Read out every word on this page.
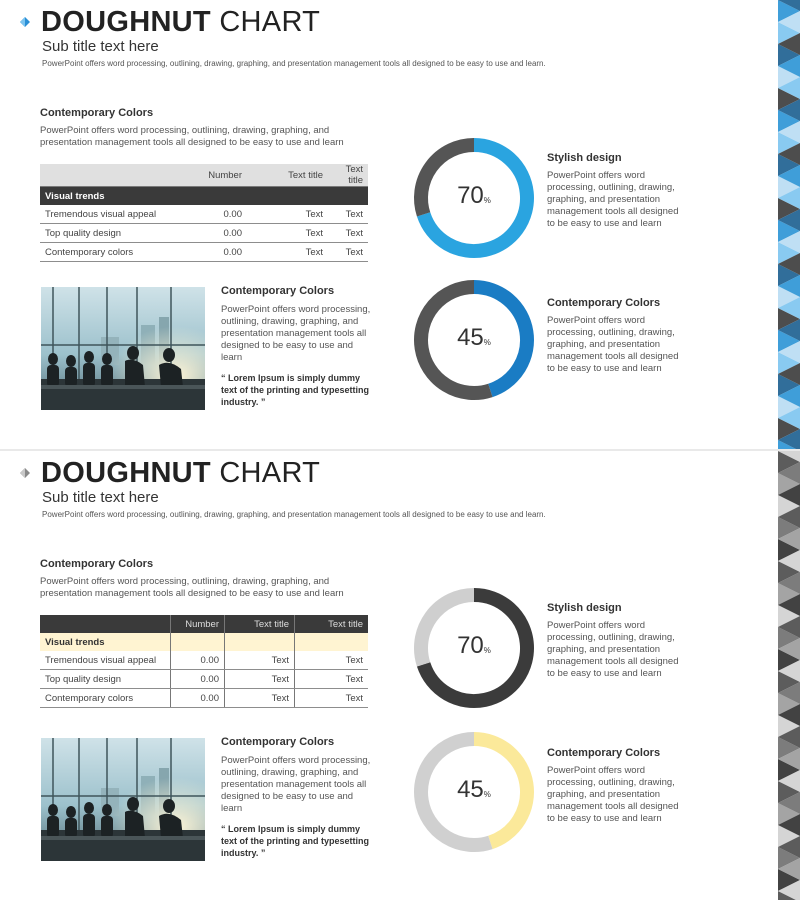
DOUGHNUT CHART
Sub title text here
PowerPoint offers word processing, outlining, drawing, graphing, and presentation management tools all designed to be easy to use and learn.
Contemporary Colors
PowerPoint offers word processing, outlining, drawing, graphing, and presentation management tools all designed to be easy to use and learn
	Number	Text title	Text title
Visual trends			
Tremendous visual appeal	0.00	Text	Text
Top quality design	0.00	Text	Text
Contemporary colors	0.00	Text	Text
Contemporary Colors
PowerPoint offers word processing, outlining, drawing, graphing, and presentation management tools all designed to be easy to use and learn
“ Lorem Ipsum is simply dummy text of the printing and typesetting industry. ”
70%
Stylish design
PowerPoint offers word processing, outlining, drawing, graphing, and presentation management tools all designed to be easy to use and learn
45%
Contemporary Colors
PowerPoint offers word processing, outlining, drawing, graphing, and presentation management tools all designed to be easy to use and learn
DOUGHNUT CHART
Sub title text here
PowerPoint offers word processing, outlining, drawing, graphing, and presentation management tools all designed to be easy to use and learn.
Contemporary Colors
PowerPoint offers word processing, outlining, drawing, graphing, and presentation management tools all designed to be easy to use and learn
	Number	Text title	Text title
Visual trends			
Tremendous visual appeal	0.00	Text	Text
Top quality design	0.00	Text	Text
Contemporary colors	0.00	Text	Text
Contemporary Colors
PowerPoint offers word processing, outlining, drawing, graphing, and presentation management tools all designed to be easy to use and learn
“ Lorem Ipsum is simply dummy text of the printing and typesetting industry. ”
70%
Stylish design
PowerPoint offers word processing, outlining, drawing, graphing, and presentation management tools all designed to be easy to use and learn
45%
Contemporary Colors
PowerPoint offers word processing, outlining, drawing, graphing, and presentation management tools all designed to be easy to use and learn
